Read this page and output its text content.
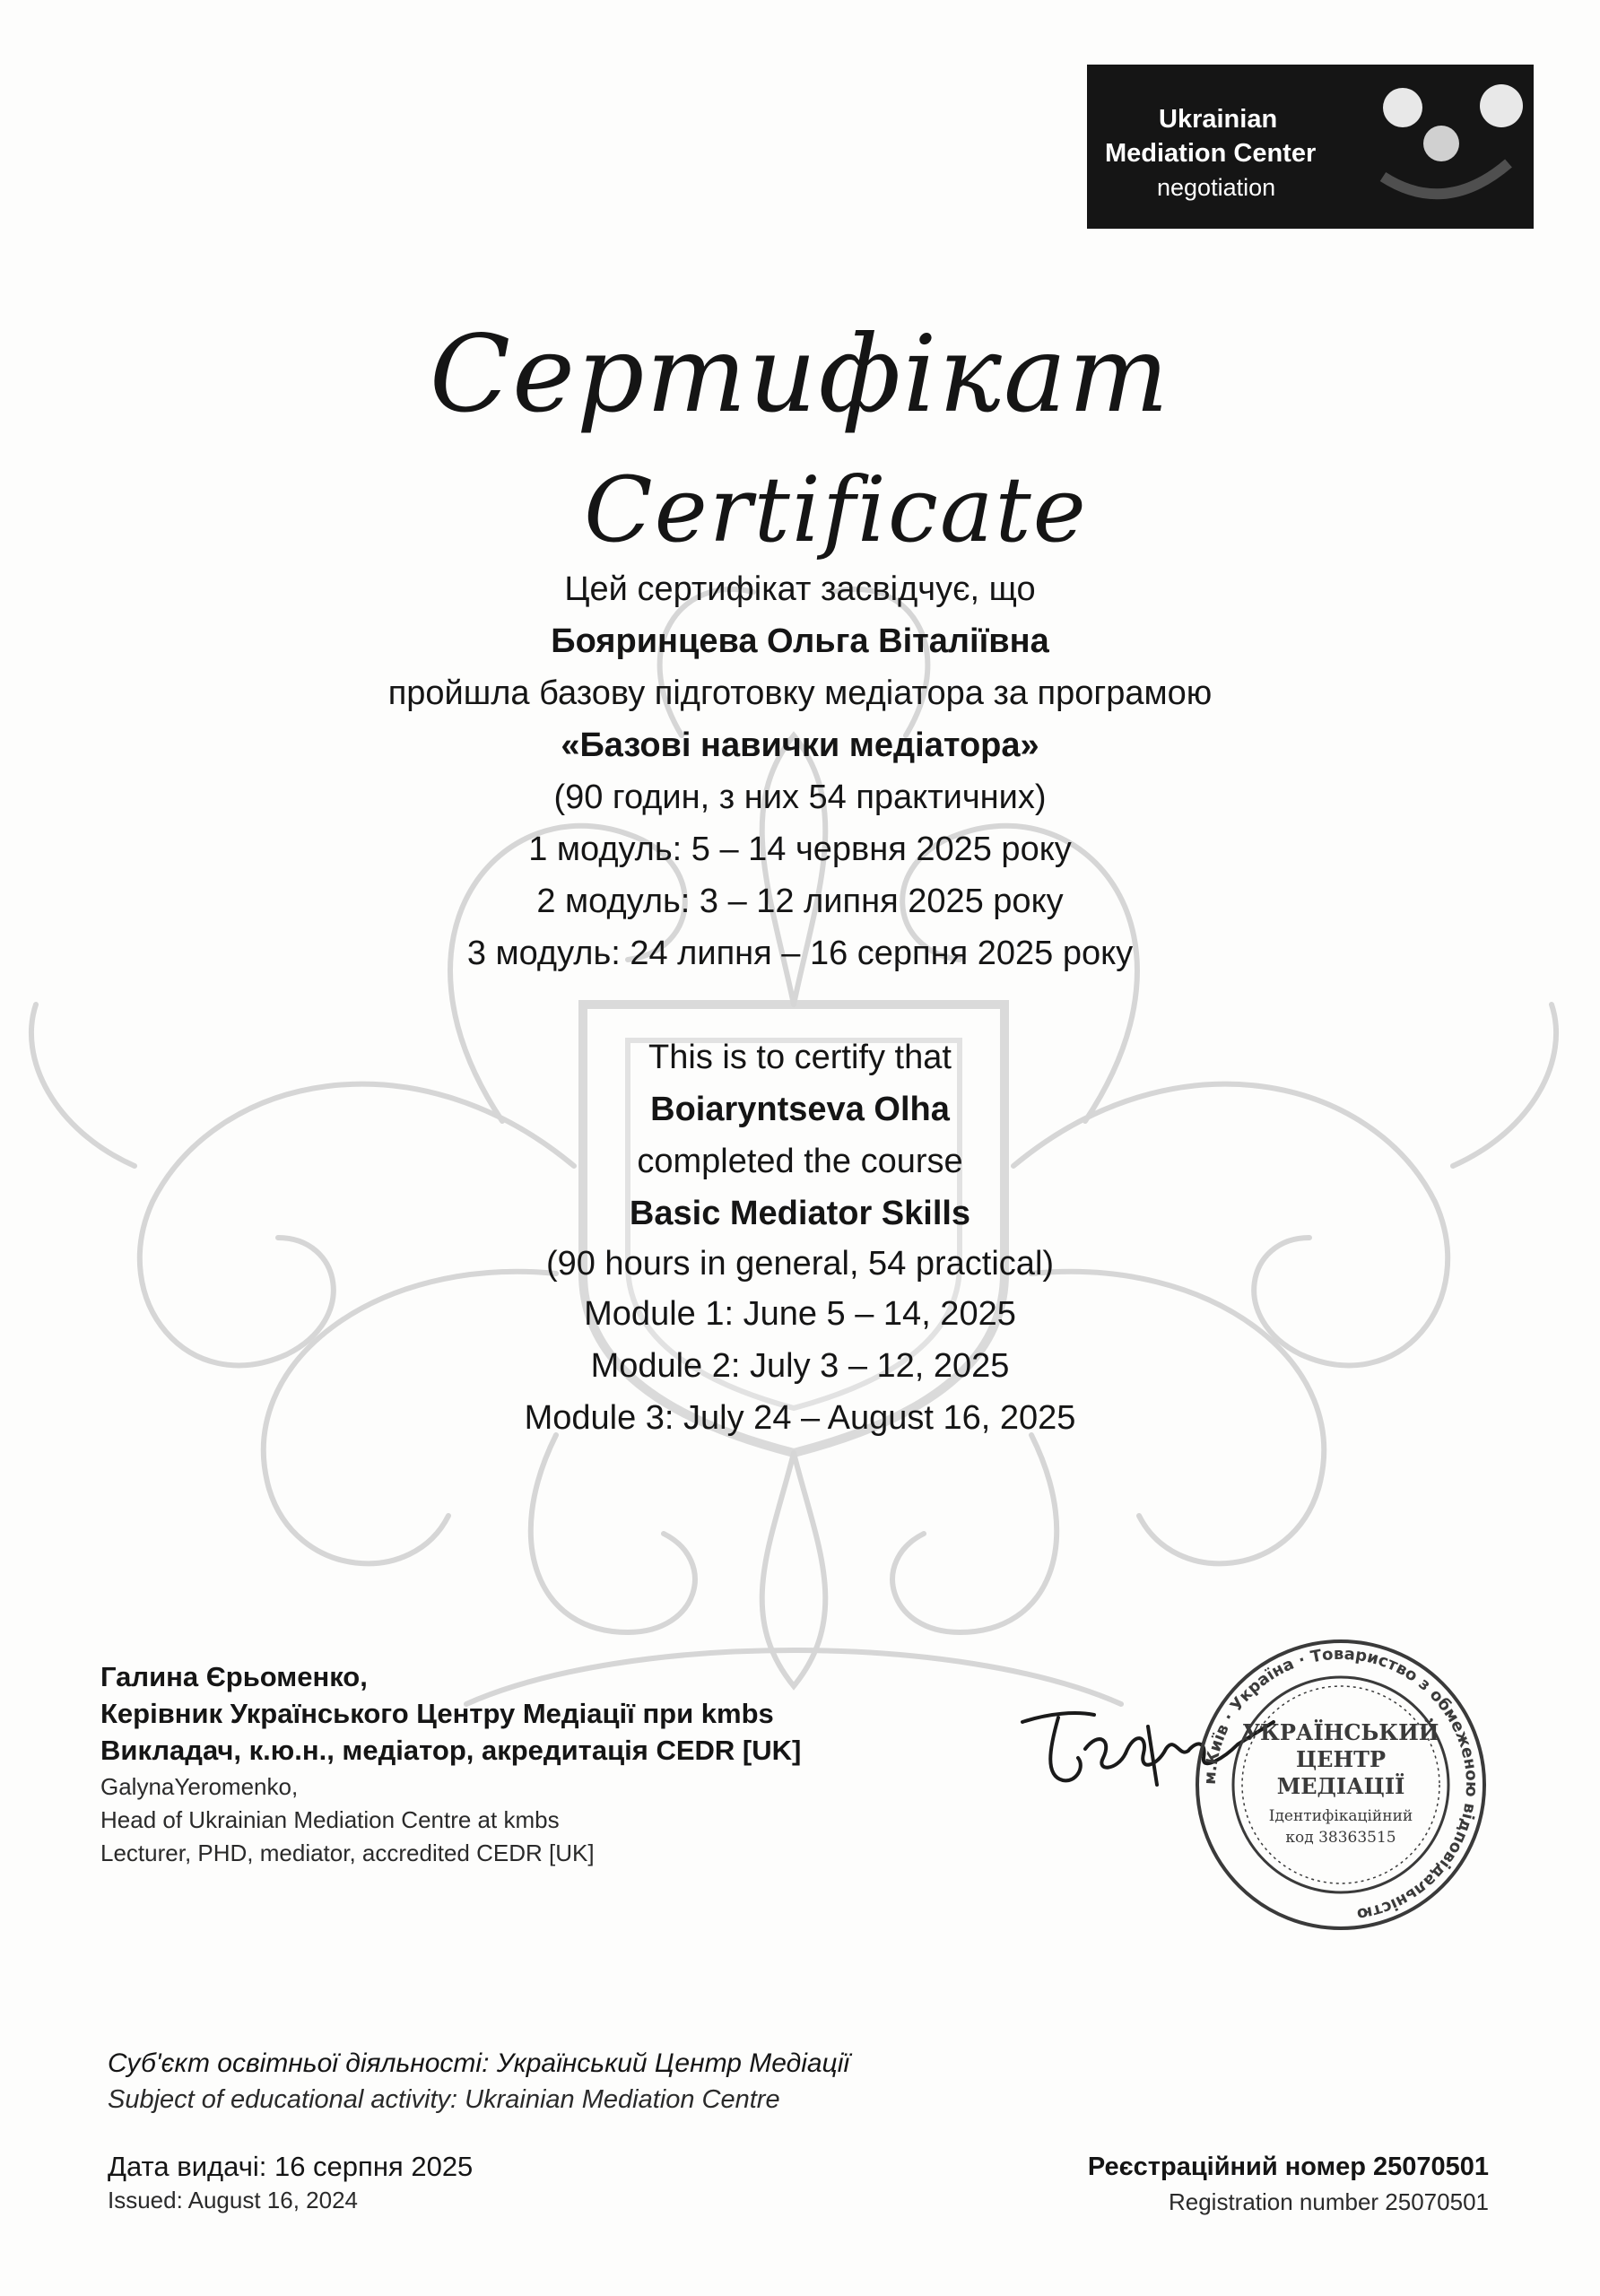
Ukrainian
Mediation Center
negotiation
Сертифікат
Certificate
Цей сертифікат засвідчує, що
Бояринцева Ольга Віталіївна
пройшла базову підготовку медіатора за програмою
«Базові навички медіатора»
(90 годин, з них 54 практичних)
1 модуль: 5 – 14 червня 2025 року
2 модуль: 3 – 12 липня 2025 року
3 модуль: 24 липня – 16 серпня 2025 року
This is to certify that
Boiaryntseva Olha
completed the course
Basic Mediator Skills
(90 hours in general, 54 practical)
Module 1: June 5 – 14, 2025
Module 2: July 3 – 12, 2025
Module 3: July 24 – August 16, 2025
Галина Єрьоменко,
Керівник Українського Центру Медіації при kmbs
Викладач, к.ю.н., медіатор, акредитація CEDR [UK]
GalynaYeromenko,
Head of Ukrainian Mediation Centre at kmbs
Lecturer, PHD, mediator, accredited CEDR [UK]
м.Київ · Україна · Товариство з обмеженою відповідальністю
УКРАЇНСЬКИЙ
ЦЕНТР
МЕДІАЦІЇ
Ідентифікаційний
код 38363515
Суб'єкт освітньої діяльності: Український Центр Медіації
Subject of educational activity: Ukrainian Mediation Centre
Дата видачі: 16 серпня 2025
Issued: August 16, 2024
Реєстраційний номер 25070501
Registration number 25070501
